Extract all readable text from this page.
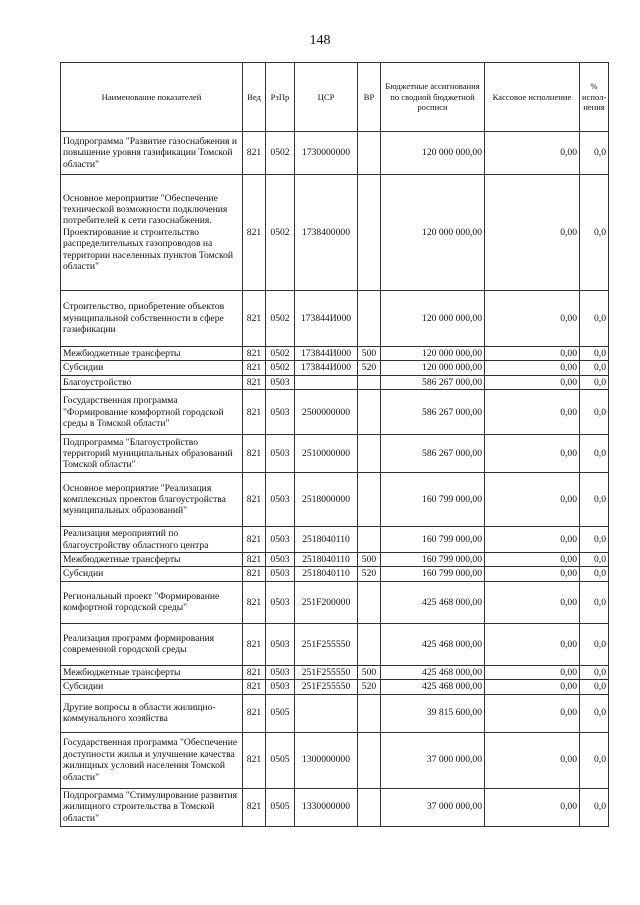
148
Наименование показателей	Вед	РзПр	ЦСР	ВР	Бюджетные ассигнования по сводной бюджетной росписи	Кассовое исполнение	% испол-нения
Подпрограмма "Развитие газоснабжения и повышение уровня газификации Томской области"	821	0502	1730000000		120 000 000,00	0,00	0,0
Основное мероприятие "Обеспечение технической возможности подключения потребителей к сети газоснабжения. Проектирование и строительство распределительных газопроводов на территории населенных пунктов Томской области"	821	0502	1738400000		120 000 000,00	0,00	0,0
Строительство, приобретение объектов муниципальной собственности в сфере газификации	821	0502	173844И000		120 000 000,00	0,00	0,0
Межбюджетные трансферты	821	0502	173844И000	500	120 000 000,00	0,00	0,0
Субсидии	821	0502	173844И000	520	120 000 000,00	0,00	0,0
Благоустройство	821	0503			586 267 000,00	0,00	0,0
Государственная программа "Формирование комфортной городской среды в Томской области"	821	0503	2500000000		586 267 000,00	0,00	0,0
Подпрограмма "Благоустройство территорий муниципальных образований Томской области"	821	0503	2510000000		586 267 000,00	0,00	0,0
Основное мероприятие "Реализация комплексных проектов благоустройства муниципальных образований"	821	0503	2518000000		160 799 000,00	0,00	0,0
Реализация мероприятий по благоустройству областного центра	821	0503	2518040110		160 799 000,00	0,00	0,0
Межбюджетные трансферты	821	0503	2518040110	500	160 799 000,00	0,00	0,0
Субсидии	821	0503	2518040110	520	160 799 000,00	0,00	0,0
Региональный проект "Формирование комфортной городской среды"	821	0503	251F200000		425 468 000,00	0,00	0,0
Реализация программ формирования современной городской среды	821	0503	251F255550		425 468 000,00	0,00	0,0
Межбюджетные трансферты	821	0503	251F255550	500	425 468 000,00	0,00	0,0
Субсидии	821	0503	251F255550	520	425 468 000,00	0,00	0,0
Другие вопросы в области жилищно-коммунального хозяйства	821	0505			39 815 600,00	0,00	0,0
Государственная программа "Обеспечение доступности жилья и улучшение качества жилищных условий населения Томской области"	821	0505	1300000000		37 000 000,00	0,00	0,0
Подпрограмма "Стимулирование развития жилищного строительства в Томской области"	821	0505	1330000000		37 000 000,00	0,00	0,0
